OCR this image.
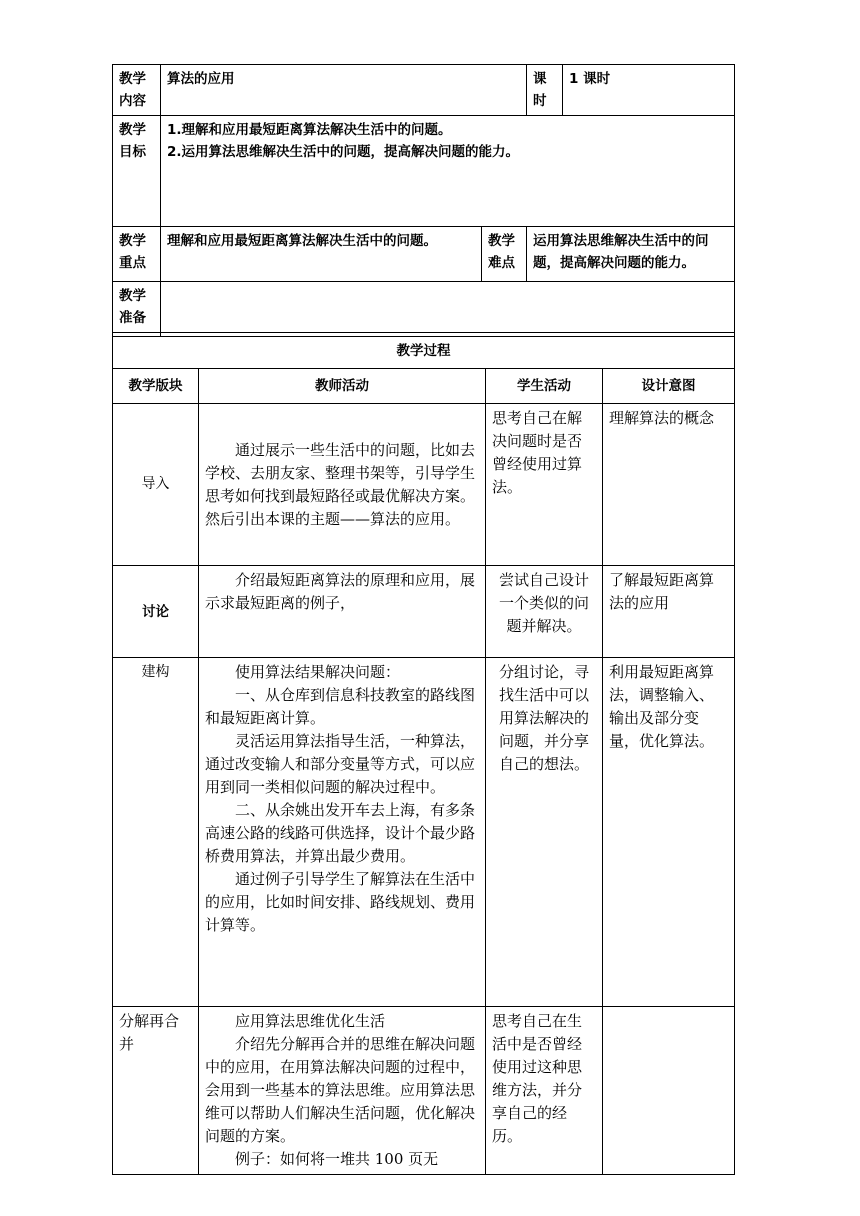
教学内容	算法的应用		课时	1 课时
教学目标	1.理解和应用最短距离算法解决生活中的问题。
2.运用算法思维解决生活中的问题，提高解决问题的能力。			

教学重点	理解和应用最短距离算法解决生活中的问题。	教学难点	运用算法思维解决生活中的问题，提高解决问题的能力。	
教学准备				
教学过程			
教学版块	教师活动	学生活动	设计意图
导入	通过展示一些生活中的问题，比如去学校、去朋友家、整理书架等，引导学生思考如何找到最短路径或最优解决方案。然后引出本课的主题——算法的应用。	思考自己在解决问题时是否曾经使用过算法。	理解算法的概念
讨论	介绍最短距离算法的原理和应用，展示求最短距离的例子，	尝试自己设计一个类似的问题并解决。	了解最短距离算法的应用
建构	使用算法结果解决问题：

一、从仓库到信息科技教室的路线图和最短距离计算。

灵活运用算法指导生活，一种算法，通过改变输人和部分变量等方式，可以应用到同一类相似问题的解决过程中。

二、从余姚出发开车去上海，有多条高速公路的线路可供选择，设计个最少路桥费用算法，并算出最少费用。

通过例子引导学生了解算法在生活中的应用，比如时间安排、路线规划、费用计算等。	分组讨论，寻找生活中可以用算法解决的问题，并分享自己的想法。	利用最短距离算法，调整输入、输出及部分变量，优化算法。
分解再合并	应用算法思维优化生活

介绍先分解再合并的思维在解决问题中的应用，在用算法解决问题的过程中，会用到一些基本的算法思维。应用算法思维可以帮助人们解决生活问题，优化解决问题的方案。

例子：如何将一堆共 100 页无	思考自己在生活中是否曾经使用过这种思维方法，并分享自己的经历。	
